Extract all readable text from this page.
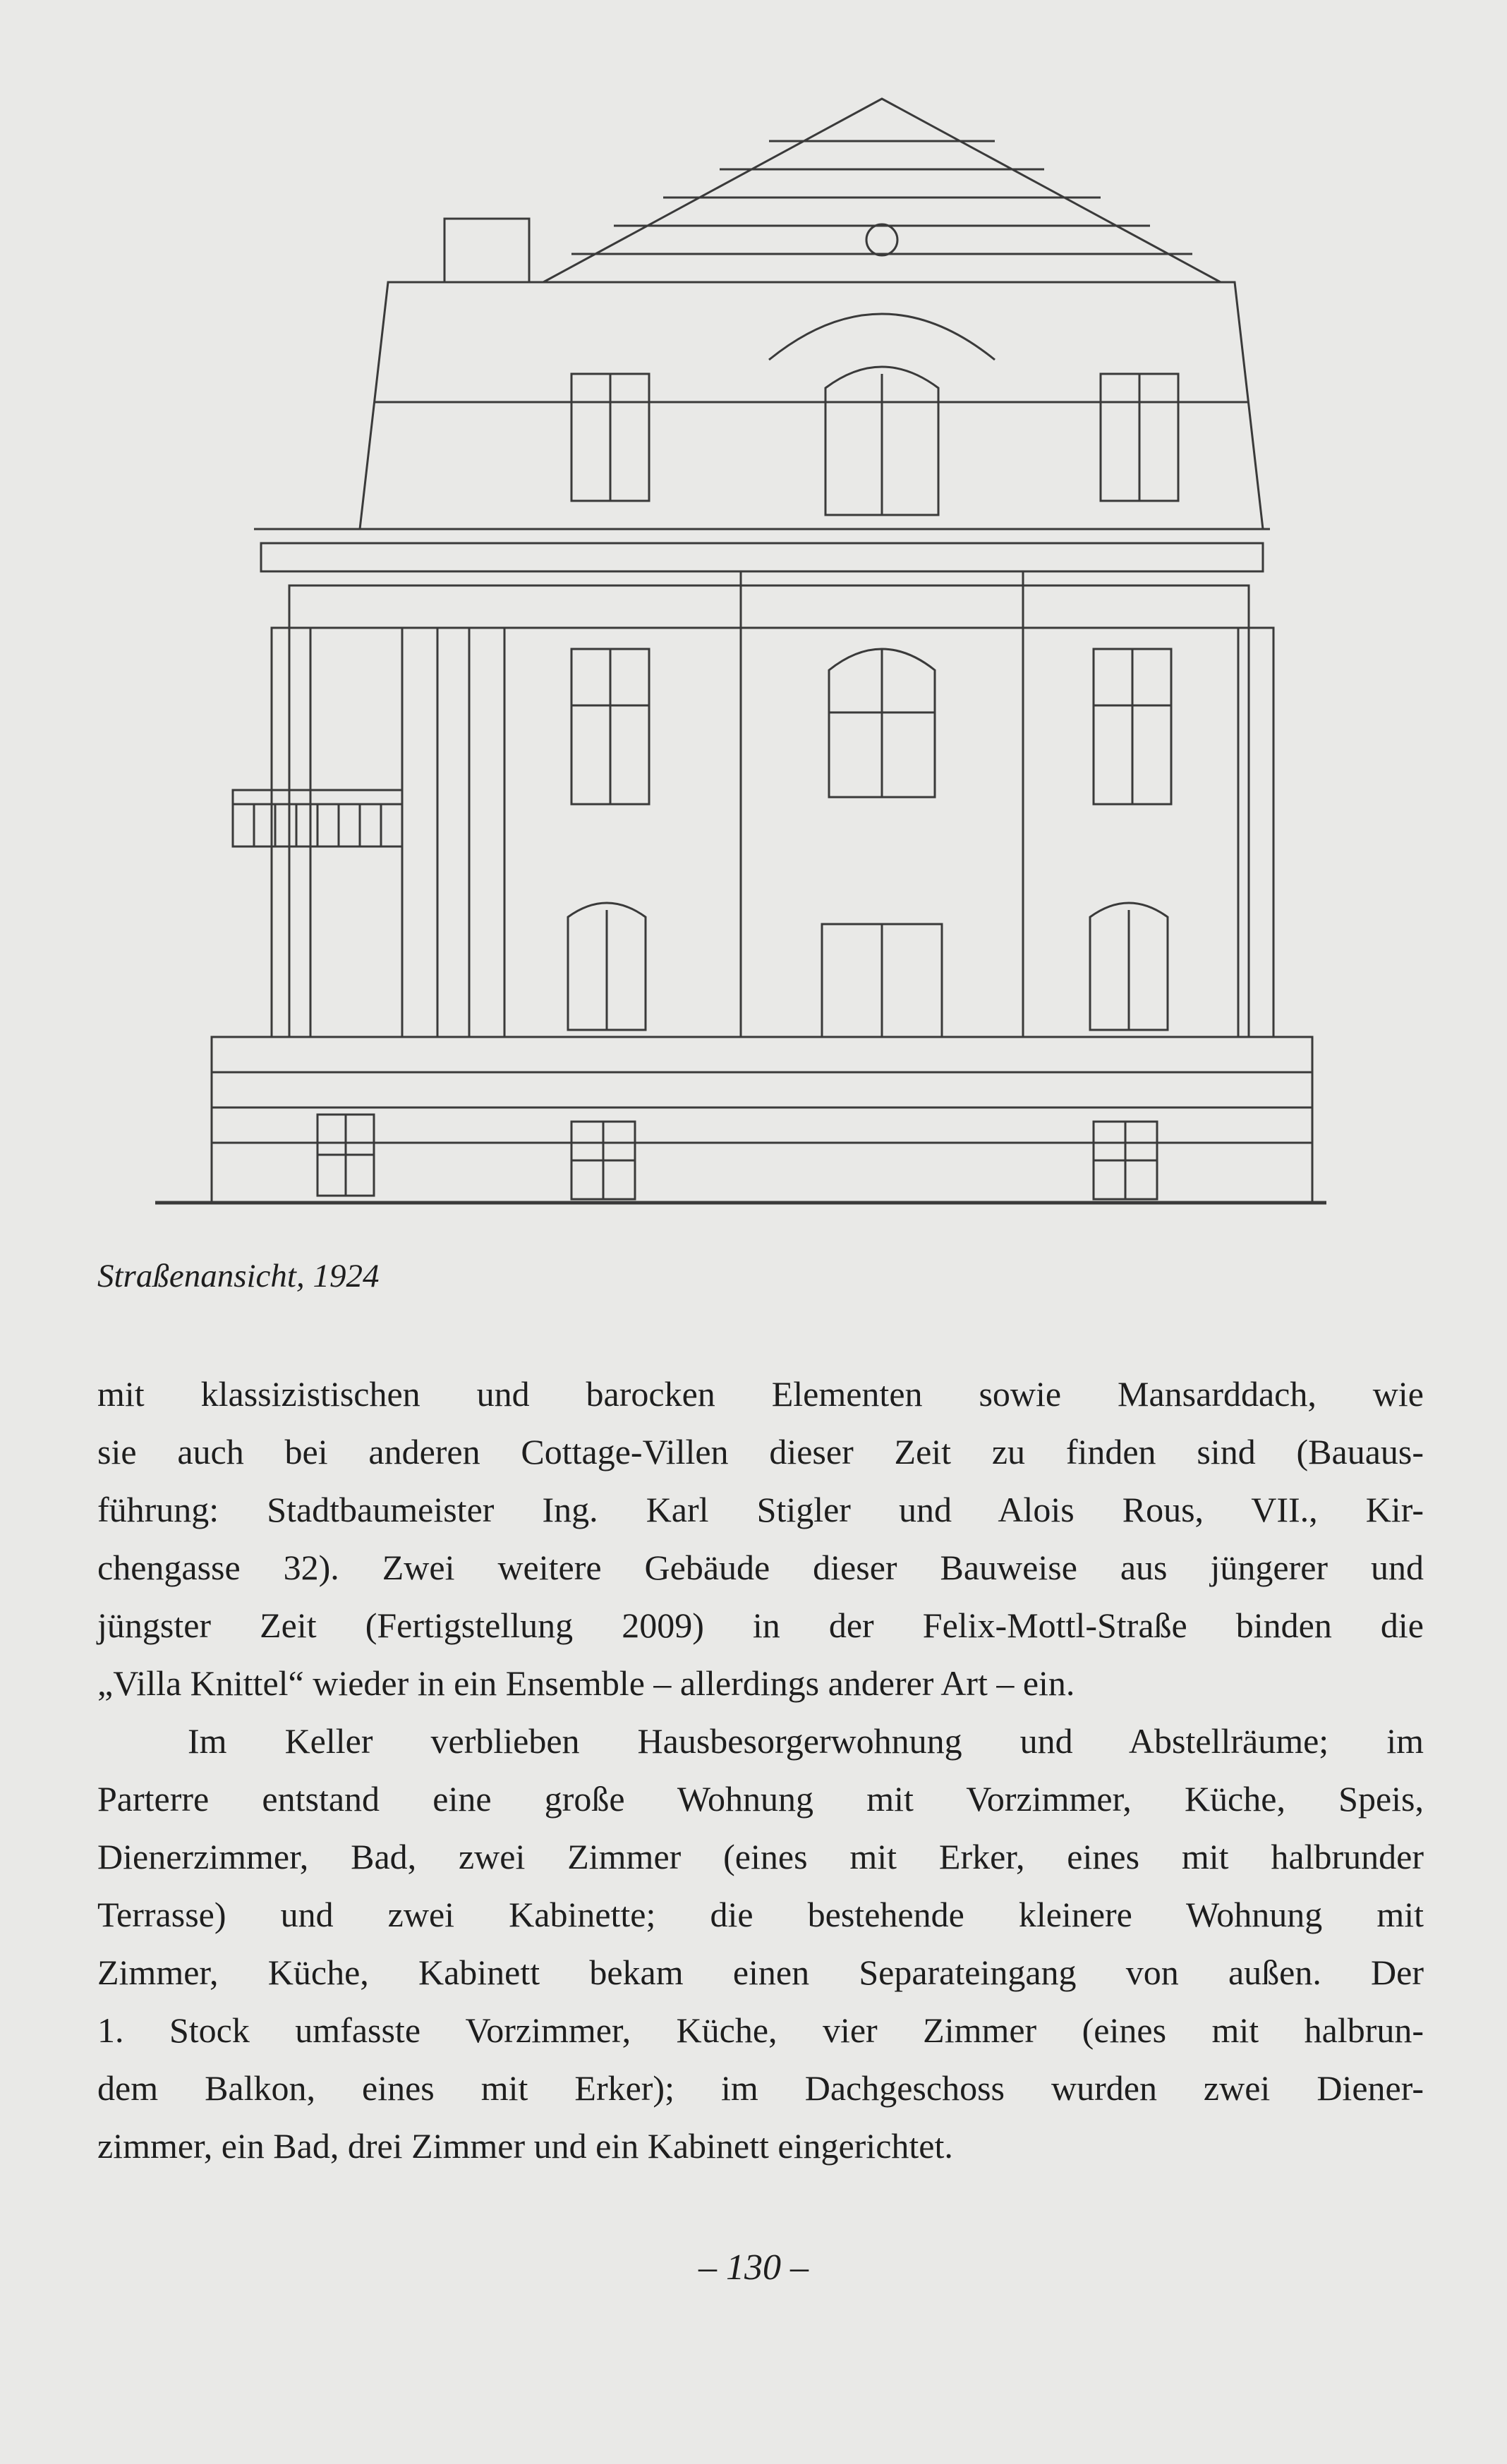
Straßenansicht, 1924

mit klassizistischen und barocken Elementen sowie Mansarddach, wie
sie auch bei anderen Cottage-Villen dieser Zeit zu finden sind (Bauaus-
führung: Stadtbaumeister Ing. Karl Stigler und Alois Rous, VII., Kir-
chengasse 32). Zwei weitere Gebäude dieser Bauweise aus jüngerer und
jüngster Zeit (Fertigstellung 2009) in der Felix-Mottl-Straße binden die
„Villa Knittel“ wieder in ein Ensemble – allerdings anderer Art – ein.

Im Keller verblieben Hausbesorgerwohnung und Abstellräume; im
Parterre entstand eine große Wohnung mit Vorzimmer, Küche, Speis,
Dienerzimmer, Bad, zwei Zimmer (eines mit Erker, eines mit halbrunder
Terrasse) und zwei Kabinette; die bestehende kleinere Wohnung mit
Zimmer, Küche, Kabinett bekam einen Separateingang von außen. Der
1. Stock umfasste Vorzimmer, Küche, vier Zimmer (eines mit halbrun-
dem Balkon, eines mit Erker); im Dachgeschoss wurden zwei Diener-
zimmer, ein Bad, drei Zimmer und ein Kabinett eingerichtet.

– 130 –
